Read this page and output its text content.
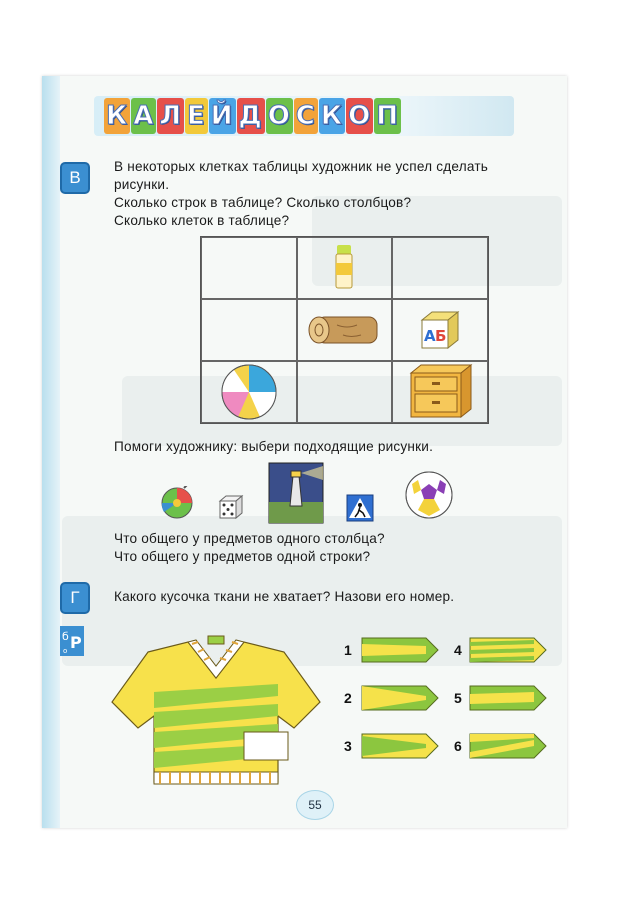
К А Л Е Й Д О С К О П
В
В некоторых клетках таблицы художник не успел сделать
рисунки.
Сколько строк в таблице? Сколько столбцов?
Сколько клеток в таблице?
А Б
Помоги художнику: выбери подходящие рисунки.
Что общего у предметов одного столбца?
Что общего у предметов одной строки?
Г	Какого кусочка ткани не хватает? Назови его номер.
б Р
о	1
2
3
4
5
6
55
